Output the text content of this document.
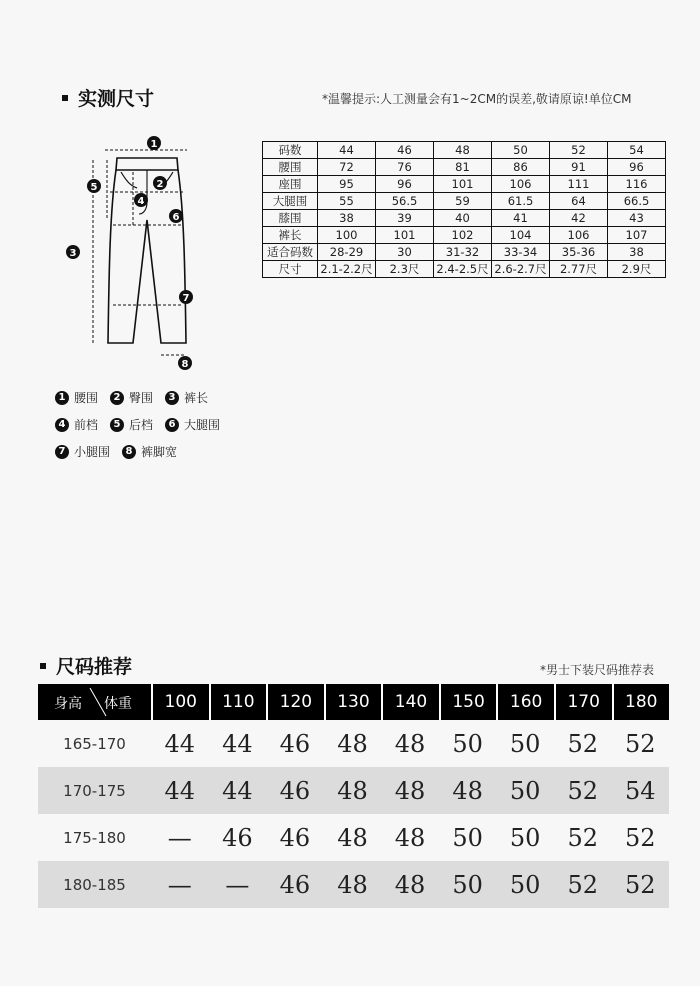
实测尺寸	*温馨提示:人工测量会有1~2CM的误差,敬请原谅!单位CM
1
2
3
4
5
6
7
8
码数	44	46	48	50	52	54
腰围	72	76	81	86	91	96
座围	95	96	101	106	111	116
大腿围	55	56.5	59	61.5	64	66.5
膝围	38	39	40	41	42	43
裤长	100	101	102	104	106	107
适合码数	28-29	30	31-32	33-34	35-36	38
尺寸	2.1-2.2尺	2.3尺	2.4-2.5尺	2.6-2.7尺	2.77尺	2.9尺
1 腰围	2 臀围	3 裤长
4 前档	5 后档	6 大腿围
7 小腿围	8 裤脚宽
尺码推荐	*男士下装尺码推荐表
身高 体重	100	110	120	130	140	150	160	170	180
165-170	44	44	46	48	48	50	50	52	52
170-175	44	44	46	48	48	48	50	52	54
175-180	—	46	46	48	48	50	50	52	52
180-185	—	—	46	48	48	50	50	52	52
